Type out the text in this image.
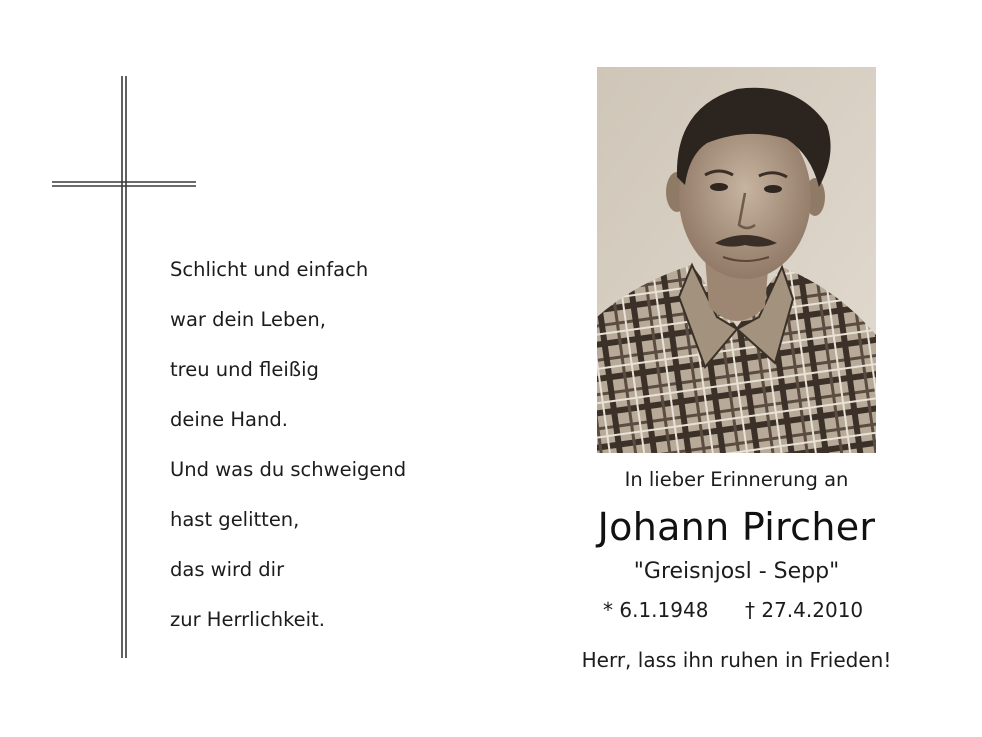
Schlicht und einfach
war dein Leben,
treu und fleißig
deine Hand.
Und was du schweigend
hast gelitten,
das wird dir
zur Herrlichkeit.
In lieber Erinnerung an
Johann Pircher
"Greisnjosl - Sepp"
* 6.1.1948 † 27.4.2010
Herr, lass ihn ruhen in Frieden!
